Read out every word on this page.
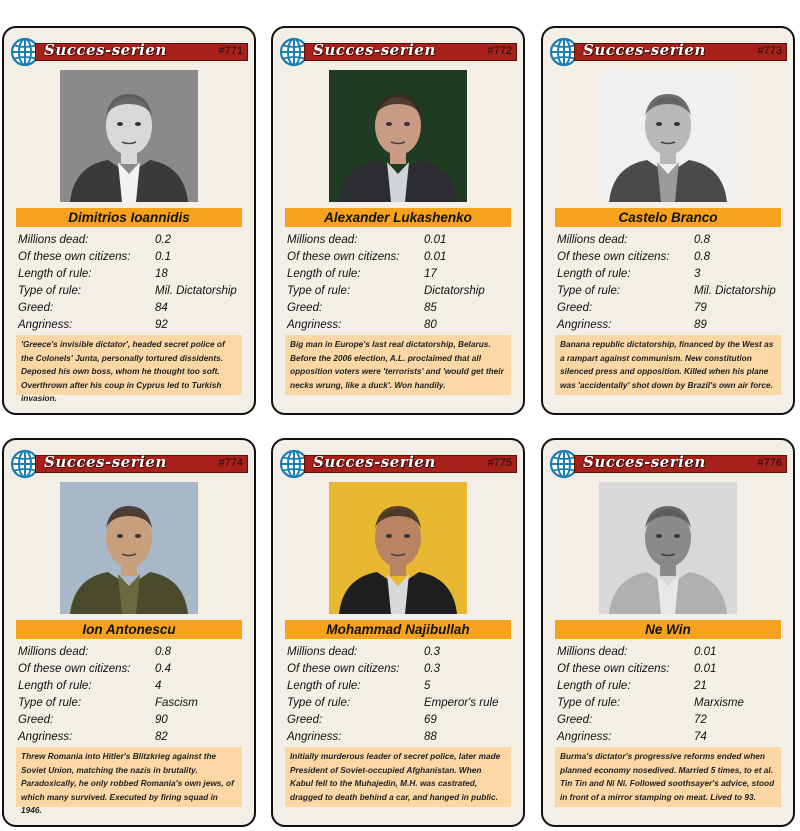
Succes-serien	#771
Dimitrios Ioannidis
Millions dead:	0.2
Of these own citizens: 0.1
Length of rule:	18
Type of rule:	Mil. Dictatorship
Greed:	84
Angriness:	92
'Greece's invisible dictator', headed secret police of the Colonels' Junta, personally tortured dissidents. Deposed his own boss, whom he thought too soft. Overthrown after his coup in Cyprus led to Turkish invasion.
Succes-serien	#772
Alexander Lukashenko
Millions dead:	0.01
Of these own citizens: 0.01
Length of rule:	17
Type of rule:	Dictatorship
Greed:	85
Angriness:	80
Big man in Europe's last real dictatorship, Belarus. Before the 2006 election, A.L. proclaimed that all opposition voters were 'terrorists' and 'would get their necks wrung, like a duck'. Won handily.
Succes-serien	#773
Castelo Branco
Millions dead:	0.8
Of these own citizens: 0.8
Length of rule:	3
Type of rule:	Mil. Dictatorship
Greed:	79
Angriness:	89
Banana republic dictatorship, financed by the West as a rampart against communism. New constitution silenced press and opposition. Killed when his plane was 'accidentally' shot down by Brazil's own air force.
Succes-serien	#774
Ion Antonescu
Millions dead:	0.8
Of these own citizens: 0.4
Length of rule:	4
Type of rule:	Fascism
Greed:	90
Angriness:	82
Threw Romania into Hitler's Blitzkrieg against the Soviet Union, matching the nazis in brutality. Paradoxically, he only robbed Romania's own jews, of which many survived. Executed by firing squad in 1946.
Succes-serien	#775
Mohammad Najibullah
Millions dead:	0.3
Of these own citizens: 0.3
Length of rule:	5
Type of rule:	Emperor's rule
Greed:	69
Angriness:	88
Initially murderous leader of secret police, later made President of Soviet-occupied Afghanistan. When Kabul fell to the Muhajedin, M.H. was castrated, dragged to death behind a car, and hanged in public.
Succes-serien	#776
Ne Win
Millions dead:	0.01
Of these own citizens: 0.01
Length of rule:	21
Type of rule:	Marxisme
Greed:	72
Angriness:	74
Burma's dictator's progressive reforms ended when planned economy nosedived. Married 5 times, to et al. Tin Tin and Ni Ni. Followed soothsayer's advice, stood in front of a mirror stamping on meat. Lived to 93.
